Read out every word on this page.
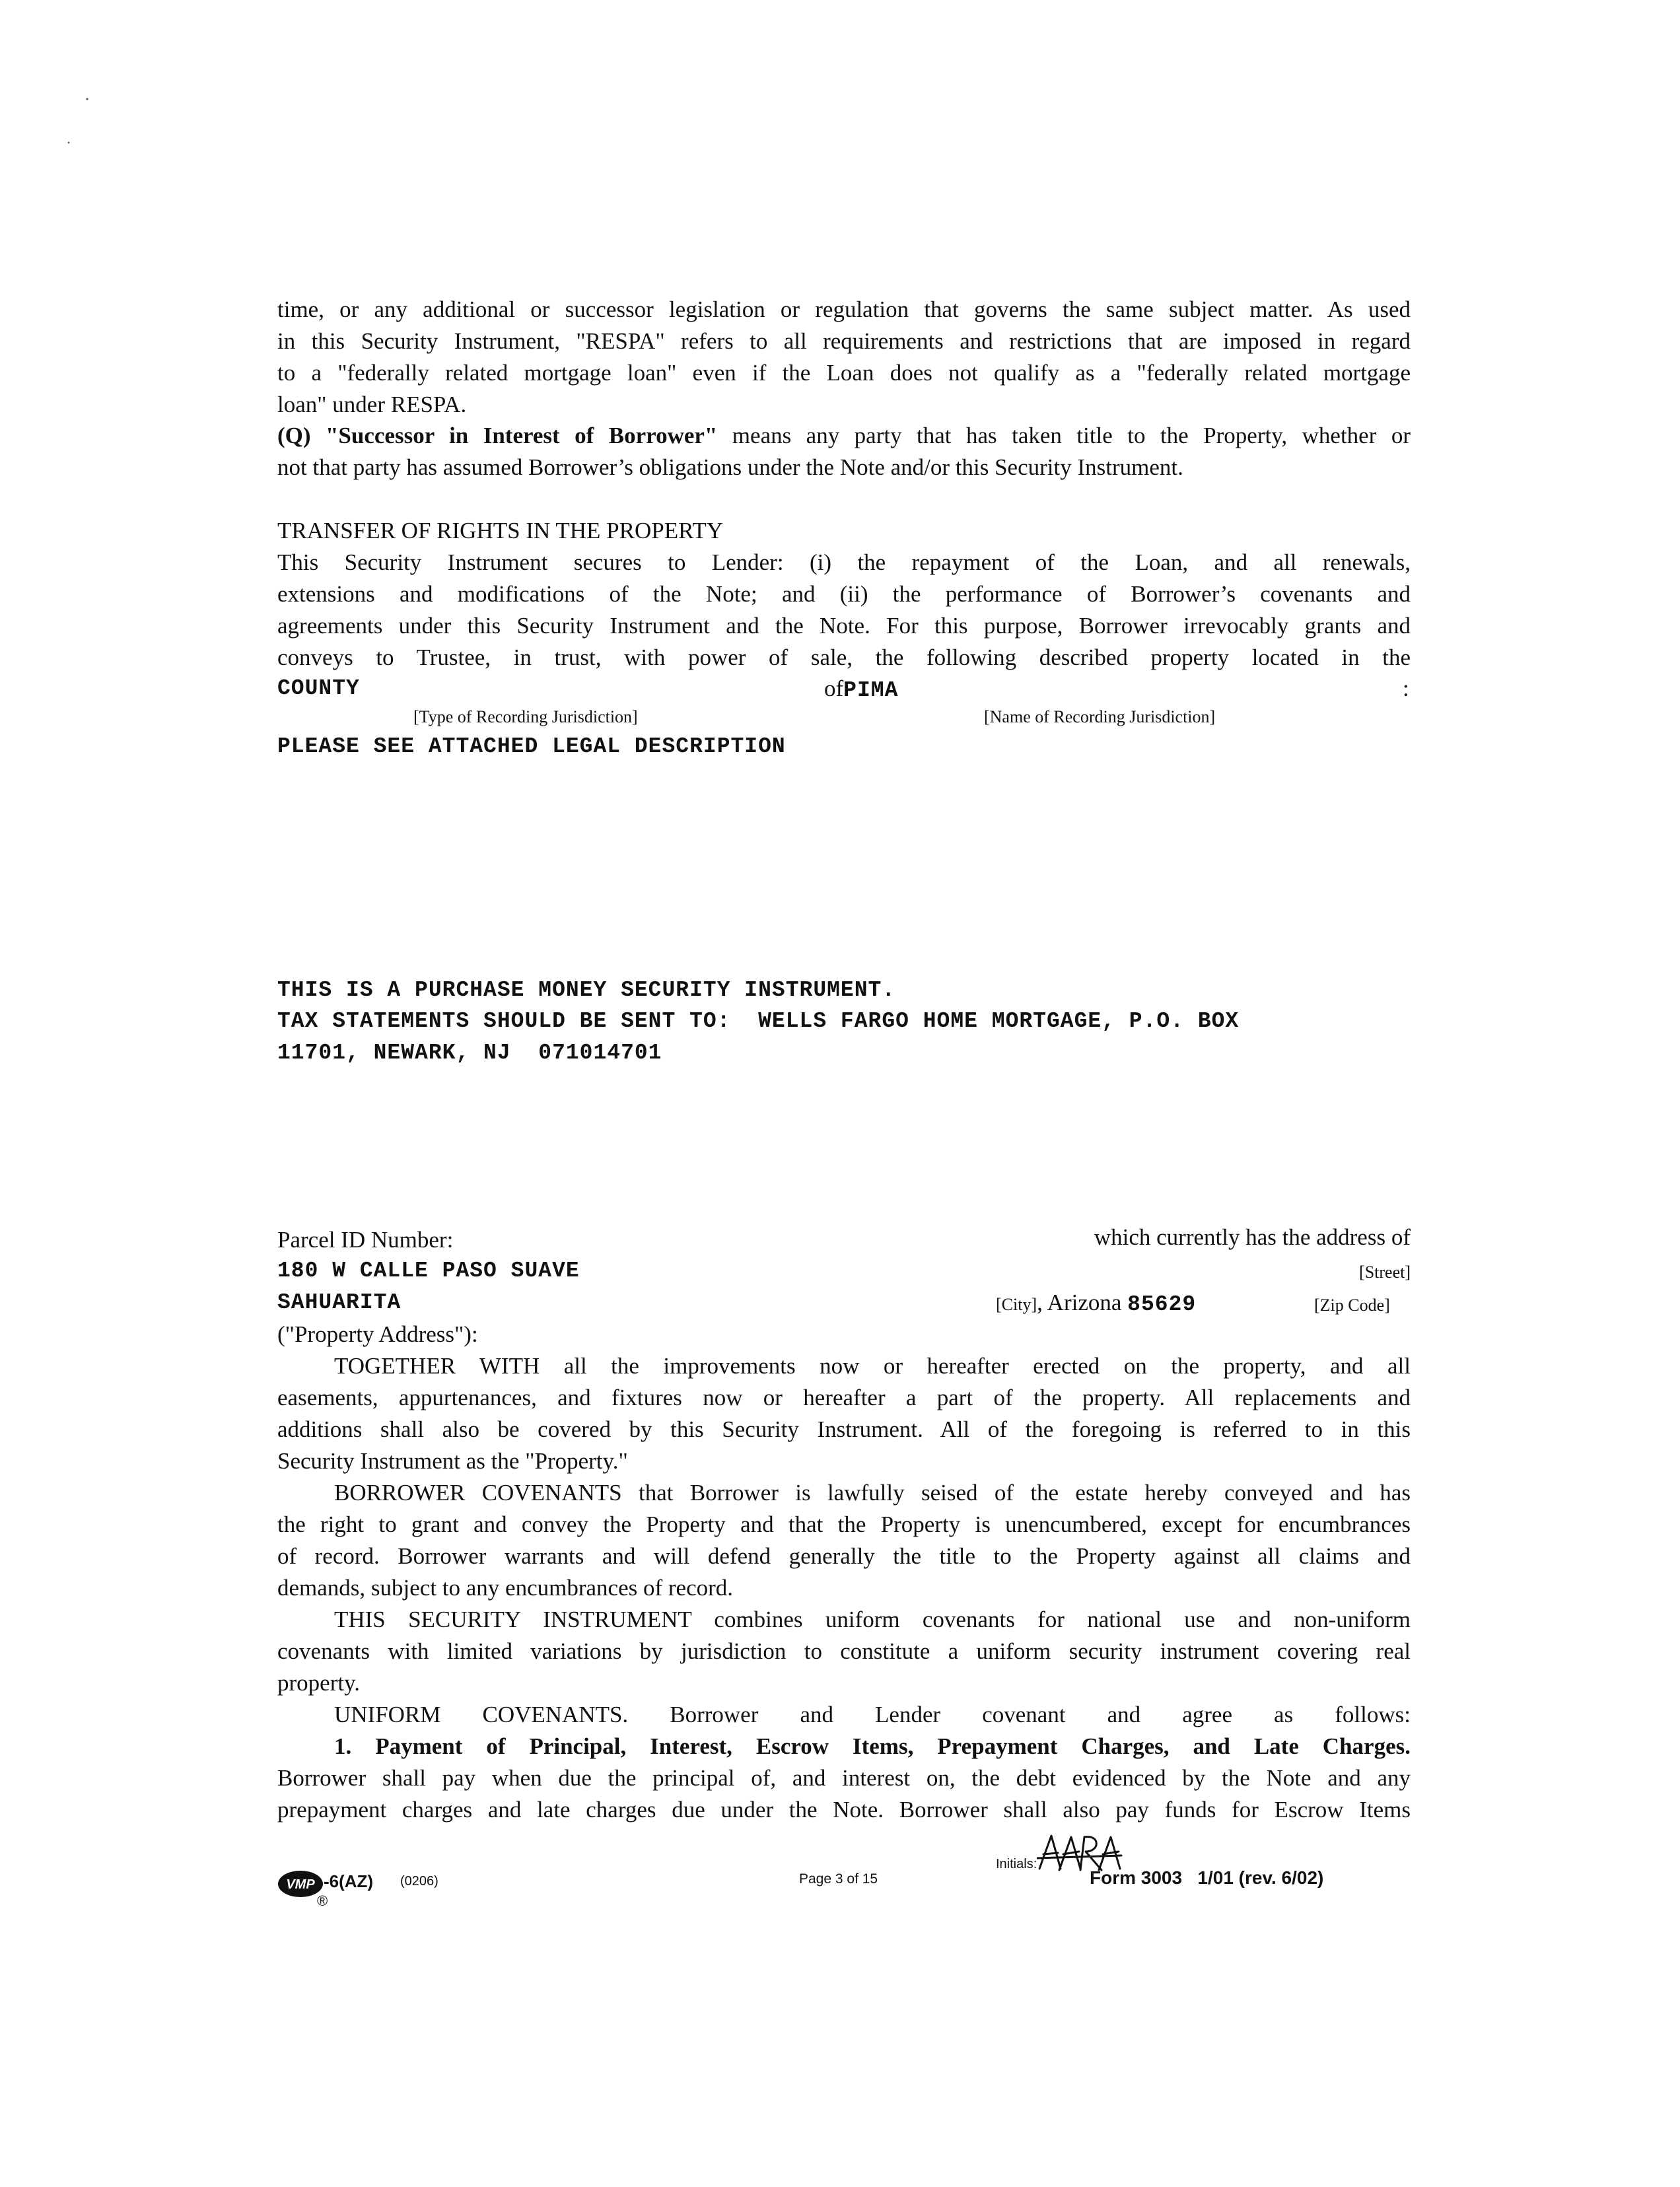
time, or any additional or successor legislation or regulation that governs the same subject matter. As used
in this Security Instrument, "RESPA" refers to all requirements and restrictions that are imposed in regard
to a "federally related mortgage loan" even if the Loan does not qualify as a "federally related mortgage
loan" under RESPA.
(Q) "Successor in Interest of Borrower" means any party that has taken title to the Property, whether or
not that party has assumed Borrower’s obligations under the Note and/or this Security Instrument.
TRANSFER OF RIGHTS IN THE PROPERTY
This Security Instrument secures to Lender: (i) the repayment of the Loan, and all renewals,
extensions and modifications of the Note; and (ii) the performance of Borrower’s covenants and
agreements under this Security Instrument and the Note. For this purpose, Borrower irrevocably grants and
conveys to Trustee, in trust, with power of sale, the following described property located in the
COUNTY	ofPIMA	:
[Type of Recording Jurisdiction]	[Name of Recording Jurisdiction]
PLEASE SEE ATTACHED LEGAL DESCRIPTION
THIS IS A PURCHASE MONEY SECURITY INSTRUMENT.
TAX STATEMENTS SHOULD BE SENT TO:  WELLS FARGO HOME MORTGAGE, P.O. BOX
11701, NEWARK, NJ  071014701
Parcel ID Number:	which currently has the address of
180 W CALLE PASO SUAVE	[Street]
SAHUARITA	[City], Arizona 85629	[Zip Code]
("Property Address"):
TOGETHER WITH all the improvements now or hereafter erected on the property, and all
easements, appurtenances, and fixtures now or hereafter a part of the property. All replacements and
additions shall also be covered by this Security Instrument. All of the foregoing is referred to in this
Security Instrument as the "Property."
BORROWER COVENANTS that Borrower is lawfully seised of the estate hereby conveyed and has
the right to grant and convey the Property and that the Property is unencumbered, except for encumbrances
of record. Borrower warrants and will defend generally the title to the Property against all claims and
demands, subject to any encumbrances of record.
THIS SECURITY INSTRUMENT combines uniform covenants for national use and non-uniform
covenants with limited variations by jurisdiction to constitute a uniform security instrument covering real
property.
UNIFORM COVENANTS. Borrower and Lender covenant and agree as follows:
1. Payment of Principal, Interest, Escrow Items, Prepayment Charges, and Late Charges.
Borrower shall pay when due the principal of, and interest on, the debt evidenced by the Note and any
prepayment charges and late charges due under the Note. Borrower shall also pay funds for Escrow Items
VMP
®
-6(AZ) (0206)	Page 3 of 15
Initials:
Form 3003   1/01 (rev. 6/02)
